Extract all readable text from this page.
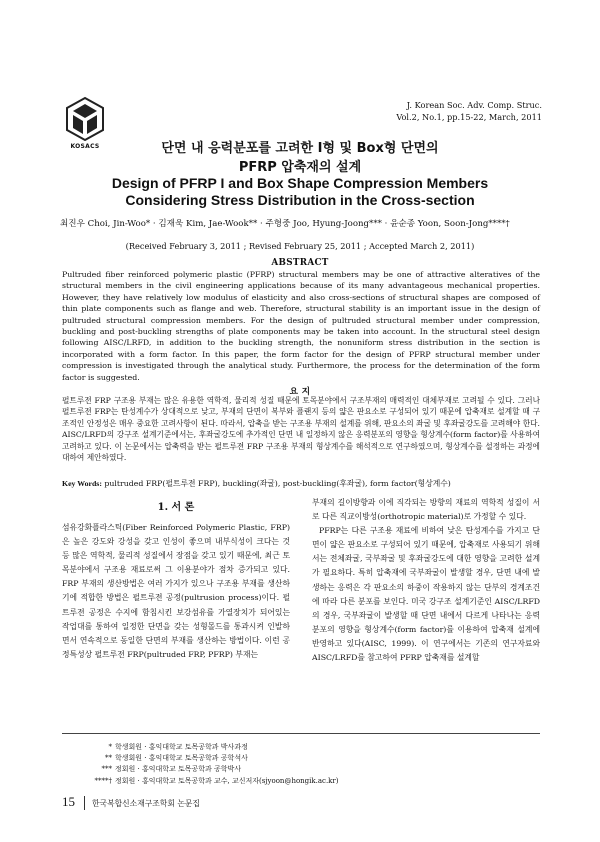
KOSACS
J. Korean Soc. Adv. Comp. Struc.
Vol.2, No.1, pp.15-22, March, 2011
단면 내 응력분포를 고려한 I형 및 Box형 단면의
PFRP 압축재의 설계
Design of PFRP I and Box Shape Compression Members
Considering Stress Distribution in the Cross-section
최진우 Choi, Jin-Woo* · 김재욱 Kim, Jae-Wook** · 주형중 Joo, Hyung-Joong*** · 윤순종 Yoon, Soon-Jong****†
(Received February 3, 2011 ; Revised February 25, 2011 ; Accepted March 2, 2011)
ABSTRACT

Pultruded fiber reinforced polymeric plastic (PFRP) structural members may be one of attractive alteratives of the structural members in the civil engineering applications because of its many advantageous mechanical properties. However, they have relatively low modulus of elasticity and also cross-sections of structural shapes are composed of thin plate components such as flange and web. Therefore, structural stability is an important issue in the design of pultruded structural compression members. For the design of pultruded structural member under compression, buckling and post-buckling strengths of plate components may be taken into account. In the structural steel design following AISC/LRFD, in addition to the buckling strength, the nonuniform stress distribution in the section is incorporated with a form factor. In this paper, the form factor for the design of PFRP structural member under compression is investigated through the analytical study. Furthermore, the process for the determination of the form factor is suggested.

요 지

펄트루젼 FRP 구조용 부재는 많은 유용한 역학적, 물리적 성질 때문에 토목분야에서 구조부재의 매력적인 대체부재로 고려될 수 있다. 그러나 펄트루젼 FRP는 탄성계수가 상대적으로 낮고, 부재의 단면이 복부와 플랜지 등의 얇은 판요소로 구성되어 있기 때문에 압축재로 설계할 때 구조적인 안정성은 매우 중요한 고려사항이 된다. 따라서, 압축을 받는 구조용 부재의 설계를 위해, 판요소의 좌굴 및 후좌굴강도를 고려해야 한다. AISC/LRFD의 강구조 설계기준에서는, 후좌굴강도에 추가적인 단면 내 일정하지 않은 응력분포의 영향을 형상계수(form factor)를 사용하여 고려하고 있다. 이 논문에서는 압축력을 받는 펄트루젼 FRP 구조용 부재의 형상계수를 해석적으로 연구하였으며, 형상계수를 설정하는 과정에 대하여 제안하였다.

Key Words: pultruded FRP(펄트루젼 FRP), buckling(좌굴), post-buckling(후좌굴), form factor(형상계수)
1. 서 론

섬유강화플라스틱(Fiber Reinforced Polymeric Plastic, FRP)은 높은 강도와 강성을 갖고 인성이 좋으며 내부식성이 크다는 것 등 많은 역학적, 물리적 성질에서 장점을 갖고 있기 때문에, 최근 토목분야에서 구조용 재료로써 그 이용분야가 점차 증가되고 있다. FRP 부재의 생산방법은 여러 가지가 있으나 구조용 부재를 생산하기에 적합한 방법은 펄트루젼 공정(pultrusion process)이다. 펄트루젼 공정은 수지에 함침시킨 보강섬유를 가열장치가 되어있는 작업대를 통하여 일정한 단면을 갖는 성형몰드를 통과시켜 인발하면서 연속적으로 동일한 단면의 부재를 생산하는 방법이다. 이런 공정특성상 펄트루젼 FRP(pultruded FRP, PFRP) 부재는

부재의 길이방향과 이에 직각되는 방향의 재료의 역학적 성질이 서로 다른 직교이방성(orthotropic material)로 가정할 수 있다.

PFRP는 다른 구조용 재료에 비하여 낮은 탄성계수를 가지고 단면이 얇은 판요소로 구성되어 있기 때문에, 압축재로 사용되기 위해서는 전체좌굴, 국부좌굴 및 후좌굴강도에 대한 영향을 고려한 설계가 필요하다. 특히 압축재에 국부좌굴이 발생할 경우, 단면 내에 발생하는 응력은 각 판요소의 하중이 작용하지 않는 단부의 경계조건에 따라 다른 분포를 보인다. 미국 강구조 설계기준인 AISC/LRFD의 경우, 국부좌굴이 발생할 때 단면 내에서 다르게 나타나는 응력분포의 영향을 형상계수(form factor)를 이용하여 압축재 설계에 반영하고 있다(AISC, 1999). 이 연구에서는 기존의 연구자료와 AISC/LRFD를 참고하여 PFRP 압축재를 설계할

* 학생회원 · 홍익대학교 토목공학과 박사과정
** 학생회원 · 홍익대학교 토목공학과 공학석사
*** 정회원 · 홍익대학교 토목공학과 공학박사
****† 정회원 · 홍익대학교 토목공학과 교수, 교신저자(sjyoon@hongik.ac.kr)
15 한국복합신소재구조학회 논문집
